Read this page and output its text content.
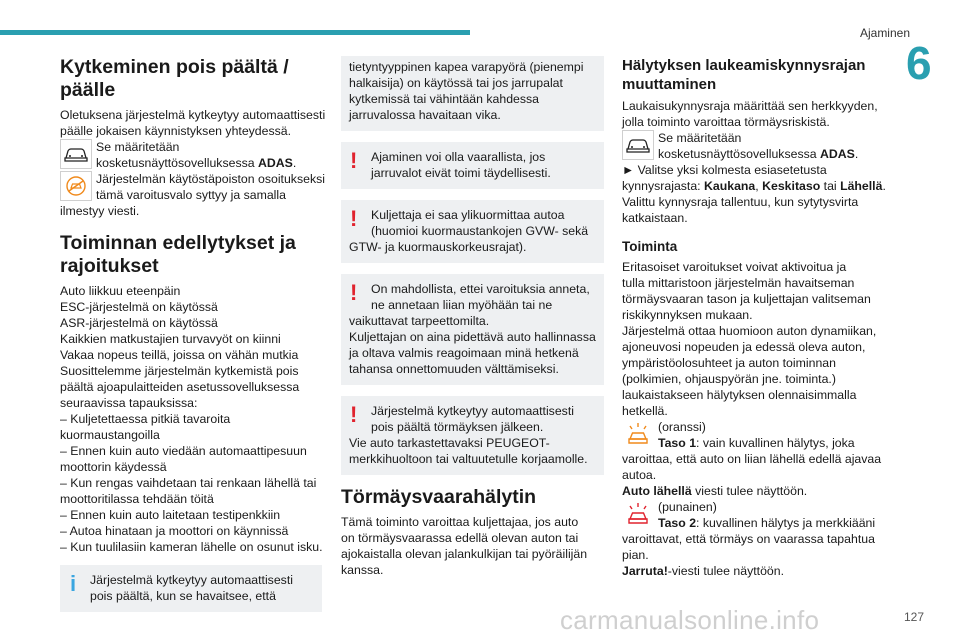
Ajaminen
6
Kytkeminen pois päältä /
päälle

Oletuksena järjestelmä kytkeytyy automaattisesti
päälle jokaisen käynnistyksen yhteydessä.

Se määritetään
kosketusnäyttösovelluksessa ADAS.
Järjestelmän käytöstäpoiston osoitukseksi
tämä varoitusvalo syttyy ja samalla

ilmestyy viesti.

Toiminnan edellytykset ja
rajoitukset

Auto liikkuu eteenpäin
ESC-järjestelmä on käytössä
ASR-järjestelmä on käytössä
Kaikkien matkustajien turvavyöt on kiinni
Vakaa nopeus teillä, joissa on vähän mutkia
Suosittelemme järjestelmän kytkemistä pois
päältä ajoapulaitteiden asetussovelluksessa
seuraavissa tapauksissa:
– Kuljetettaessa pitkiä tavaroita
kuormaustangoilla
– Ennen kuin auto viedään automaattipesuun
moottorin käydessä
– Kun rengas vaihdetaan tai renkaan lähellä tai
moottoritilassa tehdään töitä
– Ennen kuin auto laitetaan testipenkkiin
– Autoa hinataan ja moottori on käynnissä
– Kun tuulilasiin kameran lähelle on osunut isku.

i	Järjestelmä kytkeytyy automaattisesti
pois päältä, kun se havaitsee, että
tietyntyyppinen kapea varapyörä (pienempi
halkaisija) on käytössä tai jos jarrupalat
kytkemissä tai vähintään kahdessa
jarruvalossa havaitaan vika.
!	Ajaminen voi olla vaarallista, jos
jarruvalot eivät toimi täydellisesti.
!	Kuljettaja ei saa ylikuormittaa autoa
(huomioi kuormaustankojen GVW- sekä
GTW- ja kuormauskorkeusrajat).
!	On mahdollista, ettei varoituksia anneta,
ne annetaan liian myöhään tai ne
vaikuttavat tarpeettomilta.
Kuljettajan on aina pidettävä auto hallinnassa
ja oltava valmis reagoimaan minä hetkenä
tahansa onnettomuuden välttämiseksi.
!	Järjestelmä kytkeytyy automaattisesti
pois päältä törmäyksen jälkeen.
Vie auto tarkastettavaksi PEUGEOT-
merkkihuoltoon tai valtuutetulle korjaamolle.
Törmäysvaarahälytin

Tämä toiminto varoittaa kuljettajaa, jos auto
on törmäysvaarassa edellä olevan auton tai
ajokaistalla olevan jalankulkijan tai pyöräilijän
kanssa.

Hälytyksen laukeamiskynnysrajan
muuttaminen

Laukaisukynnysraja määrittää sen herkkyyden,
jolla toiminto varoittaa törmäysriskistä.

Se määritetään
kosketusnäyttösovelluksessa ADAS.

► Valitse yksi kolmesta esiasetetusta
kynnysrajasta: Kaukana, Keskitaso tai Lähellä.
Valittu kynnysraja tallentuu, kun sytytysvirta
katkaistaan.

Toiminta

Eritasoiset varoitukset voivat aktivoitua ja
tulla mittaristoon järjestelmän havaitseman
törmäysvaaran tason ja kuljettajan valitseman
riskikynnyksen mukaan.
Järjestelmä ottaa huomioon auton dynamiikan,
ajoneuvosi nopeuden ja edessä oleva auton,
ympäristöolosuhteet ja auton toiminnan
(polkimien, ohjauspyörän jne. toiminta.)
laukaistakseen hälytyksen olennaisimmalla
hetkellä.

(oranssi)
Taso 1: vain kuvallinen hälytys, joka

varoittaa, että auto on liian lähellä edellä ajavaa
autoa.
Auto lähellä viesti tulee näyttöön.

(punainen)
Taso 2: kuvallinen hälytys ja merkkiääni

varoittavat, että törmäys on vaarassa tapahtua
pian.
Jarruta!-viesti tulee näyttöön.

carmanualsonline.info	127
